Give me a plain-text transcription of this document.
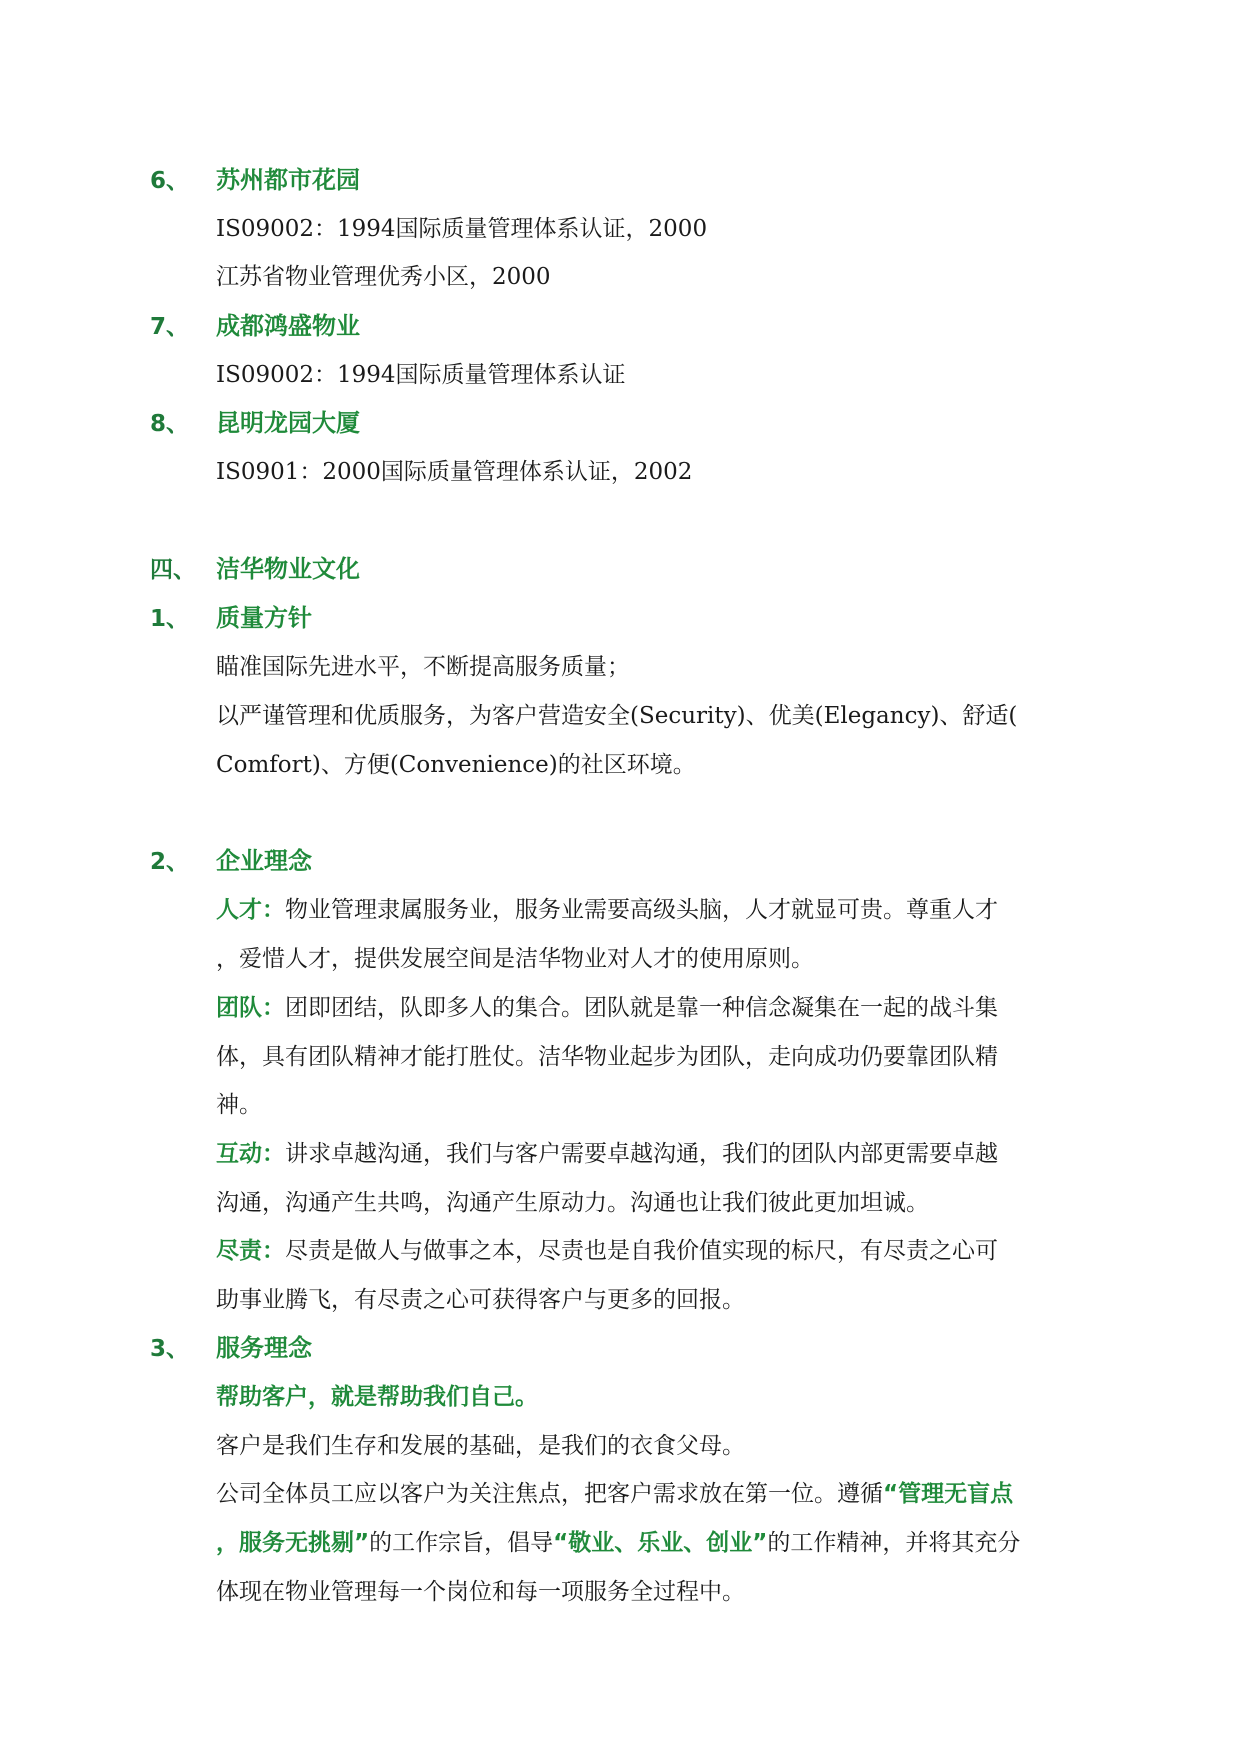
6、 苏州都市花园
IS09002：1994国际质量管理体系认证，2000
江苏省物业管理优秀小区，2000
7、 成都鸿盛物业
IS09002：1994国际质量管理体系认证
8、 昆明龙园大厦
IS0901：2000国际质量管理体系认证，2002
四、 洁华物业文化
1、 质量方针
瞄准国际先进水平，不断提高服务质量；
以严谨管理和优质服务，为客户营造安全(Security)、优美(Elegancy)、舒适(
Comfort)、方便(Convenience)的社区环境。
2、 企业理念
人才：物业管理隶属服务业，服务业需要高级头脑，人才就显可贵。尊重人才
，爱惜人才，提供发展空间是洁华物业对人才的使用原则。
团队：团即团结，队即多人的集合。团队就是靠一种信念凝集在一起的战斗集
体，具有团队精神才能打胜仗。洁华物业起步为团队，走向成功仍要靠团队精
神。
互动：讲求卓越沟通，我们与客户需要卓越沟通，我们的团队内部更需要卓越
沟通，沟通产生共鸣，沟通产生原动力。沟通也让我们彼此更加坦诚。
尽责：尽责是做人与做事之本，尽责也是自我价值实现的标尺，有尽责之心可
助事业腾飞，有尽责之心可获得客户与更多的回报。
3、 服务理念
帮助客户，就是帮助我们自己。
客户是我们生存和发展的基础，是我们的衣食父母。
公司全体员工应以客户为关注焦点，把客户需求放在第一位。遵循“管理无盲点
，服务无挑剔”的工作宗旨，倡导“敬业、乐业、创业”的工作精神，并将其充分
体现在物业管理每一个岗位和每一项服务全过程中。
